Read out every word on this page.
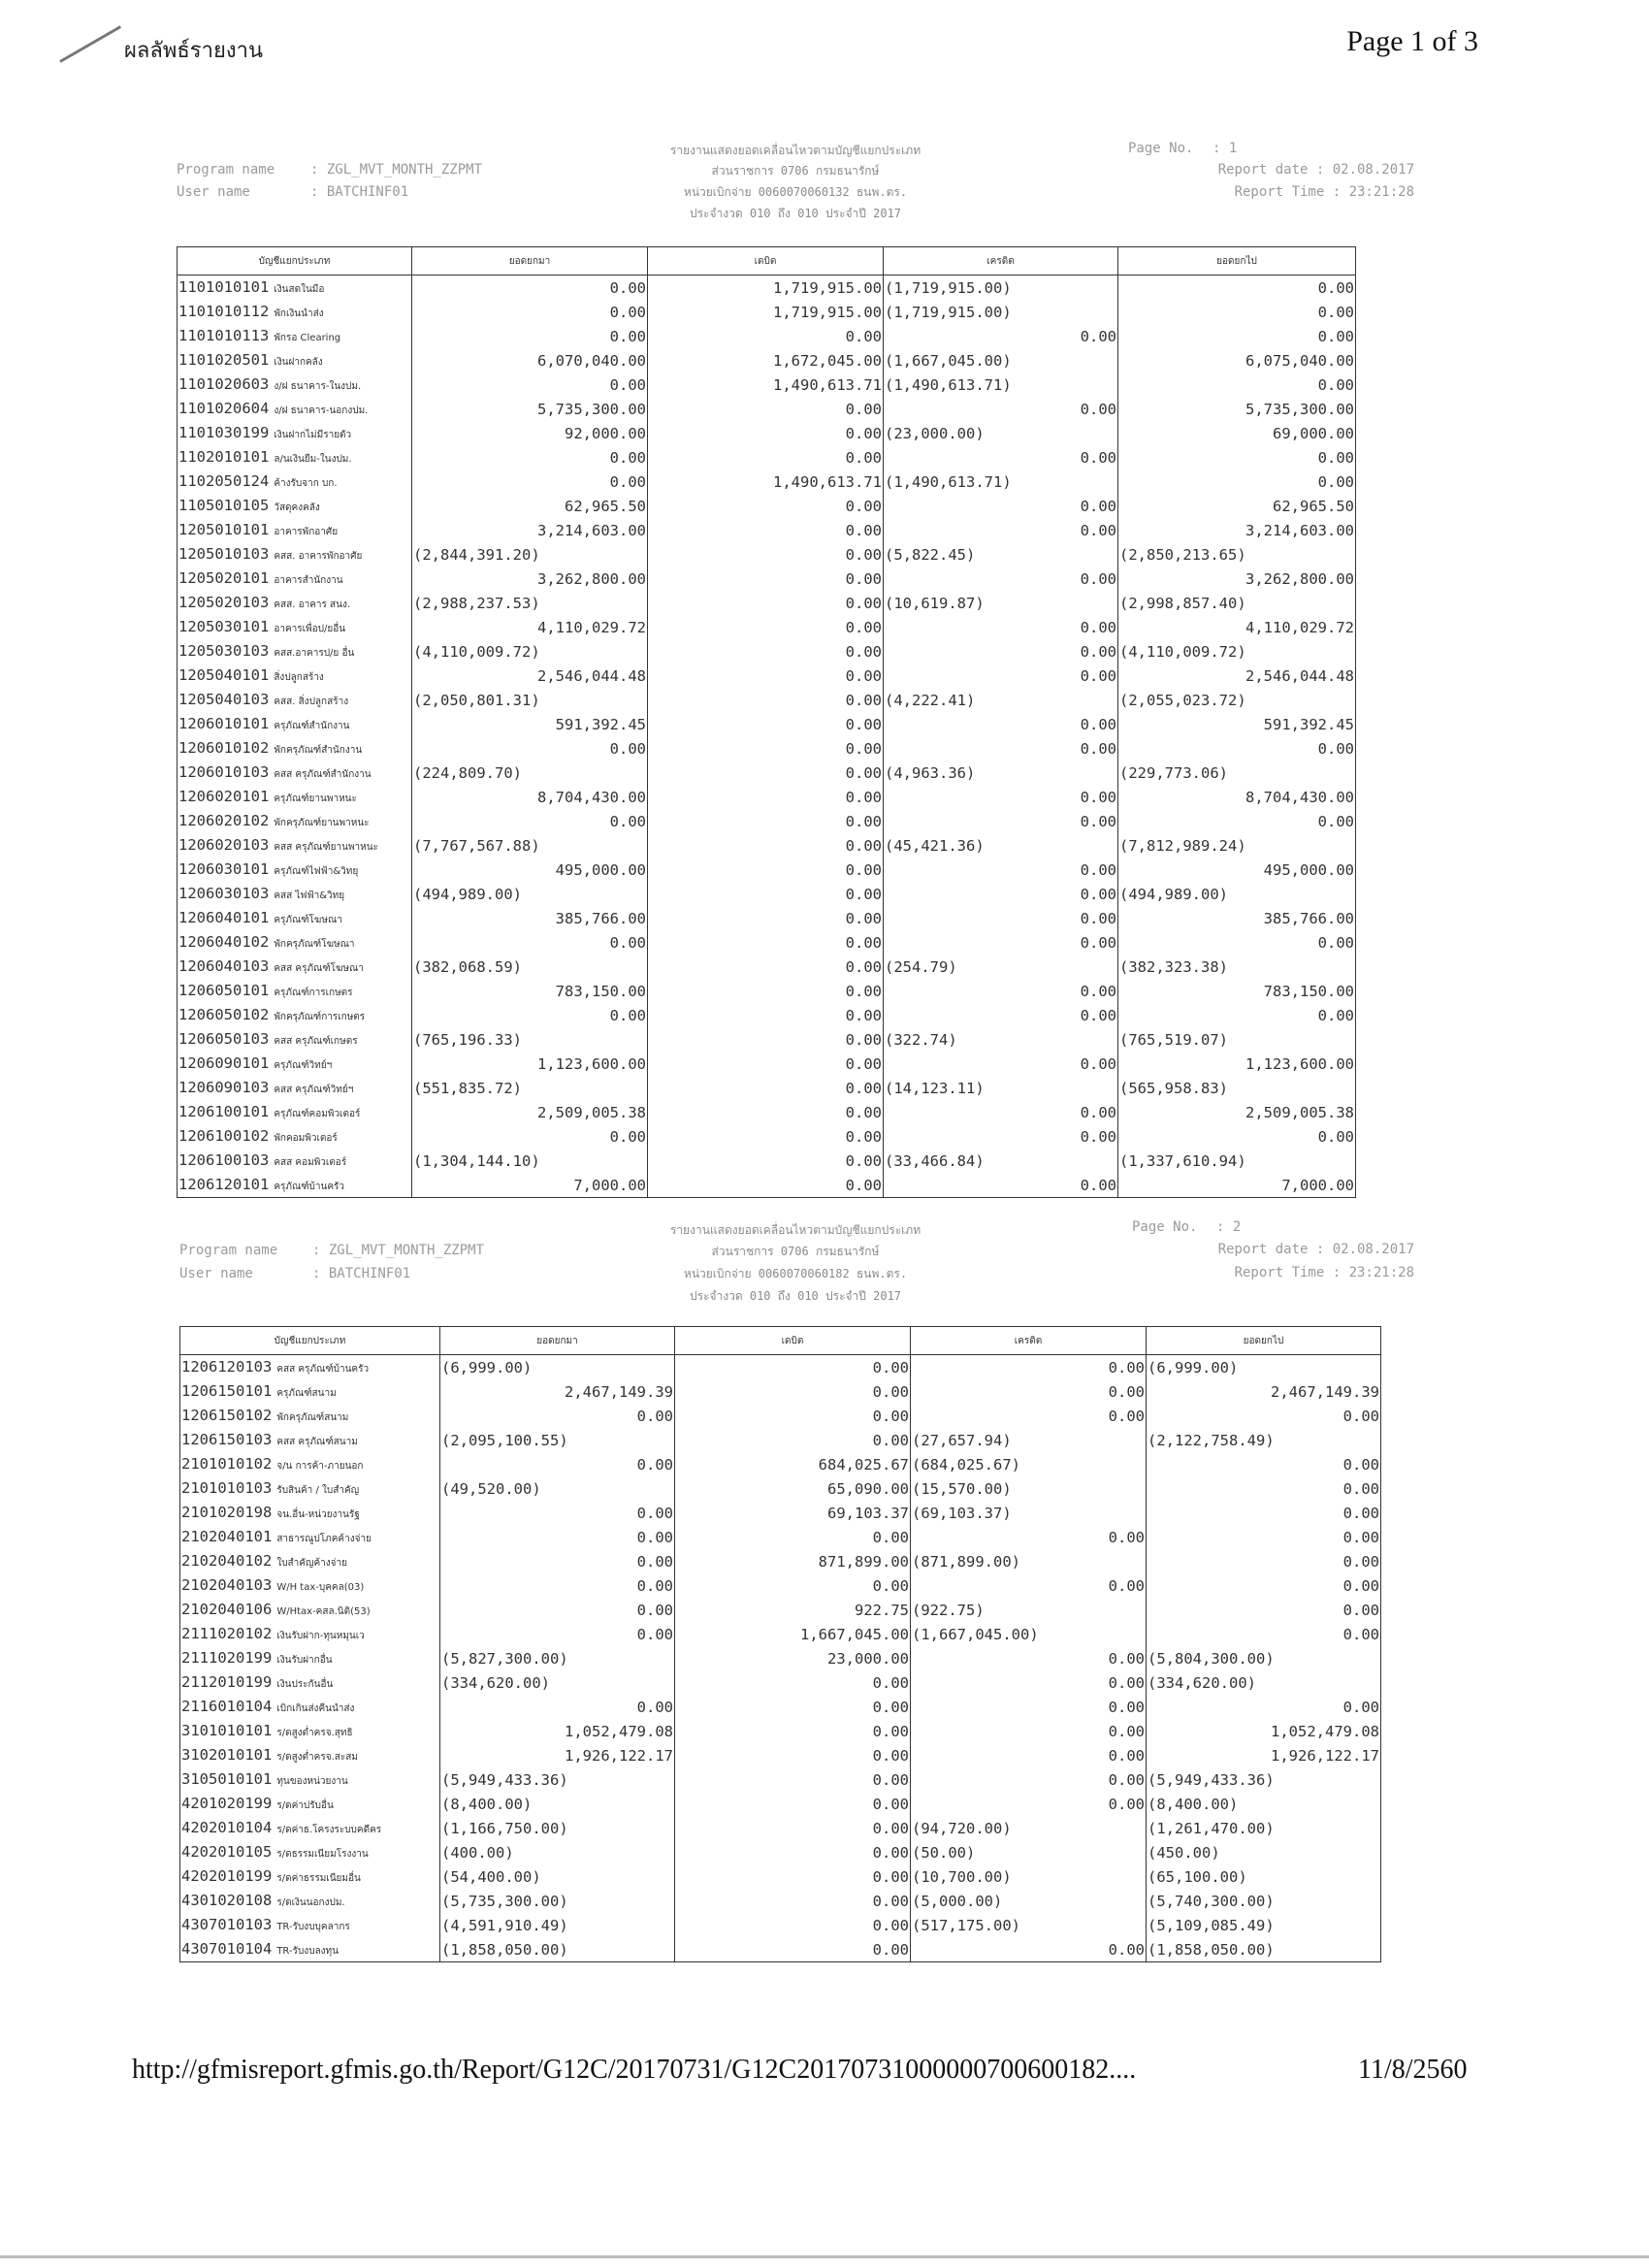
ผลลัพธ์รายงาน	Page 1 of 3
Program name	: ZGL_MVT_MONTH_ZZPMT
User name	: BATCHINF01
รายงานแสดงยอดเคลื่อนไหวตามบัญชีแยกประเภท
ส่วนราชการ 0706 กรมธนารักษ์
หน่วยเบิกจ่าย 0060070060132 ธนพ.ตร.
ประจำงวด 010 ถึง 010 ประจำปี 2017
Page No. : 1
Report date : 02.08.2017
Report Time : 23:21:28
บัญชีแยกประเภท	ยอดยกมา	เดบิต	เครดิต	ยอดยกไป
1101010101 เงินสดในมือ	0.00	1,719,915.00	(1,719,915.00)	0.00
1101010112 พักเงินนำส่ง	0.00	1,719,915.00	(1,719,915.00)	0.00
1101010113 พักรอ Clearing	0.00	0.00	0.00	0.00
1101020501 เงินฝากคลัง	6,070,040.00	1,672,045.00	(1,667,045.00)	6,075,040.00
1101020603 ง/ฝ ธนาคาร-ในงปม.	0.00	1,490,613.71	(1,490,613.71)	0.00
1101020604 ง/ฝ ธนาคาร-นอกงปม.	5,735,300.00	0.00	0.00	5,735,300.00
1101030199 เงินฝากไม่มีรายตัว	92,000.00	0.00	(23,000.00)	69,000.00
1102010101 ล/นเงินยืม-ในงปม.	0.00	0.00	0.00	0.00
1102050124 ค้างรับจาก บก.	0.00	1,490,613.71	(1,490,613.71)	0.00
1105010105 วัสดุคงคลัง	62,965.50	0.00	0.00	62,965.50
1205010101 อาคารพักอาศัย	3,214,603.00	0.00	0.00	3,214,603.00
1205010103 คสส. อาคารพักอาศัย	(2,844,391.20)	0.00	(5,822.45)	(2,850,213.65)
1205020101 อาคารสำนักงาน	3,262,800.00	0.00	0.00	3,262,800.00
1205020103 คสส. อาคาร สนง.	(2,988,237.53)	0.00	(10,619.87)	(2,998,857.40)
1205030101 อาคารเพื่อป/ยอื่น	4,110,029.72	0.00	0.00	4,110,029.72
1205030103 คสส.อาคารป/ย อื่น	(4,110,009.72)	0.00	0.00	(4,110,009.72)
1205040101 สิ่งปลูกสร้าง	2,546,044.48	0.00	0.00	2,546,044.48
1205040103 คสส. สิ่งปลูกสร้าง	(2,050,801.31)	0.00	(4,222.41)	(2,055,023.72)
1206010101 ครุภัณฑ์สำนักงาน	591,392.45	0.00	0.00	591,392.45
1206010102 พักครุภัณฑ์สำนักงาน	0.00	0.00	0.00	0.00
1206010103 คสส ครุภัณฑ์สำนักงาน	(224,809.70)	0.00	(4,963.36)	(229,773.06)
1206020101 ครุภัณฑ์ยานพาหนะ	8,704,430.00	0.00	0.00	8,704,430.00
1206020102 พักครุภัณฑ์ยานพาหนะ	0.00	0.00	0.00	0.00
1206020103 คสส ครุภัณฑ์ยานพาหนะ	(7,767,567.88)	0.00	(45,421.36)	(7,812,989.24)
1206030101 ครุภัณฑ์ไฟฟ้า&วิทยุ	495,000.00	0.00	0.00	495,000.00
1206030103 คสส ไฟฟ้า&วิทยุ	(494,989.00)	0.00	0.00	(494,989.00)
1206040101 ครุภัณฑ์โฆษณา	385,766.00	0.00	0.00	385,766.00
1206040102 พักครุภัณฑ์โฆษณา	0.00	0.00	0.00	0.00
1206040103 คสส ครุภัณฑ์โฆษณา	(382,068.59)	0.00	(254.79)	(382,323.38)
1206050101 ครุภัณฑ์การเกษตร	783,150.00	0.00	0.00	783,150.00
1206050102 พักครุภัณฑ์การเกษตร	0.00	0.00	0.00	0.00
1206050103 คสส ครุภัณฑ์เกษตร	(765,196.33)	0.00	(322.74)	(765,519.07)
1206090101 ครุภัณฑ์วิทย์ฯ	1,123,600.00	0.00	0.00	1,123,600.00
1206090103 คสส ครุภัณฑ์วิทย์ฯ	(551,835.72)	0.00	(14,123.11)	(565,958.83)
1206100101 ครุภัณฑ์คอมพิวเตอร์	2,509,005.38	0.00	0.00	2,509,005.38
1206100102 พักคอมพิวเตอร์	0.00	0.00	0.00	0.00
1206100103 คสส คอมพิวเตอร์	(1,304,144.10)	0.00	(33,466.84)	(1,337,610.94)
1206120101 ครุภัณฑ์บ้านครัว	7,000.00	0.00	0.00	7,000.00
Program name	: ZGL_MVT_MONTH_ZZPMT
User name	: BATCHINF01
รายงานแสดงยอดเคลื่อนไหวตามบัญชีแยกประเภท
ส่วนราชการ 0706 กรมธนารักษ์
หน่วยเบิกจ่าย 0060070060182 ธนพ.ตร.
ประจำงวด 010 ถึง 010 ประจำปี 2017
Page No. : 2
Report date : 02.08.2017
Report Time : 23:21:28
บัญชีแยกประเภท	ยอดยกมา	เดบิต	เครดิต	ยอดยกไป
1206120103 คสส ครุภัณฑ์บ้านครัว	(6,999.00)	0.00	0.00	(6,999.00)
1206150101 ครุภัณฑ์สนาม	2,467,149.39	0.00	0.00	2,467,149.39
1206150102 พักครุภัณฑ์สนาม	0.00	0.00	0.00	0.00
1206150103 คสส ครุภัณฑ์สนาม	(2,095,100.55)	0.00	(27,657.94)	(2,122,758.49)
2101010102 จ/น การค้า-ภายนอก	0.00	684,025.67	(684,025.67)	0.00
2101010103 รับสินค้า / ใบสำคัญ	(49,520.00)	65,090.00	(15,570.00)	0.00
2101020198 จน.อื่น-หน่วยงานรัฐ	0.00	69,103.37	(69,103.37)	0.00
2102040101 สาธารณูปโภคค้างจ่าย	0.00	0.00	0.00	0.00
2102040102 ใบสำคัญค้างจ่าย	0.00	871,899.00	(871,899.00)	0.00
2102040103 W/H tax-บุคคล(03)	0.00	0.00	0.00	0.00
2102040106 W/Htax-คสล.นิติ(53)	0.00	922.75	(922.75)	0.00
2111020102 เงินรับฝาก-ทุนหมุนเว	0.00	1,667,045.00	(1,667,045.00)	0.00
2111020199 เงินรับฝากอื่น	(5,827,300.00)	23,000.00	0.00	(5,804,300.00)
2112010199 เงินประกันอื่น	(334,620.00)	0.00	0.00	(334,620.00)
2116010104 เบิกเกินส่งคืนนำส่ง	0.00	0.00	0.00	0.00
3101010101 ร/ดสูงต่ำครจ.สุทธิ	1,052,479.08	0.00	0.00	1,052,479.08
3102010101 ร/ดสูงต่ำครจ.สะสม	1,926,122.17	0.00	0.00	1,926,122.17
3105010101 ทุนของหน่วยงาน	(5,949,433.36)	0.00	0.00	(5,949,433.36)
4201020199 ร/ดค่าปรับอื่น	(8,400.00)	0.00	0.00	(8,400.00)
4202010104 ร/ดค่าธ.โครงระบบคดีคร	(1,166,750.00)	0.00	(94,720.00)	(1,261,470.00)
4202010105 ร/ดธรรมเนียมโรงงาน	(400.00)	0.00	(50.00)	(450.00)
4202010199 ร/ดค่าธรรมเนียมอื่น	(54,400.00)	0.00	(10,700.00)	(65,100.00)
4301020108 ร/ดเงินนอกงปม.	(5,735,300.00)	0.00	(5,000.00)	(5,740,300.00)
4307010103 TR-รับงบบุคลากร	(4,591,910.49)	0.00	(517,175.00)	(5,109,085.49)
4307010104 TR-รับงบลงทุน	(1,858,050.00)	0.00	0.00	(1,858,050.00)
http://gfmisreport.gfmis.go.th/Report/G12C/20170731/G12C20170731000000700600182....	11/8/2560
